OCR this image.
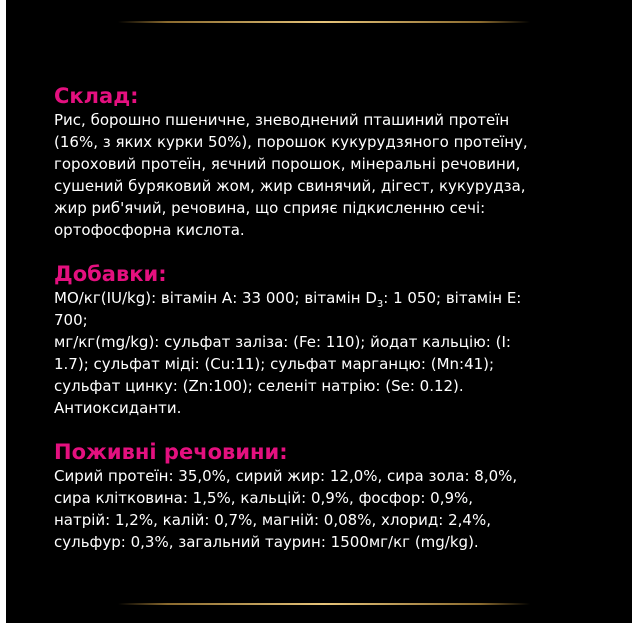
Склад:

Рис, борошно пшеничне, зневоднений пташиний протеїн

(16%, з яких курки 50%), порошок кукурудзяного протеїну,

гороховий протеїн, яєчний порошок, мінеральні речовини,

сушений буряковий жом, жир свинячий, дігест, кукурудза,

жир риб'ячий, речовина, що сприяє підкисленню сечі:

ортофосфорна кислота.

Добавки:

МО/кг(IU/kg): вітамін А: 33 000; вітамін $D_3$: 1 050; вітамін Е:

700;

мг/кг(mg/kg): сульфат заліза: (Fe: 110); йодат кальцію: (I:

1.7); сульфат міді: (Cu:11); сульфат марганцю: (Mn:41);

сульфат цинку: (Zn:100); селеніт натрію: (Se: 0.12).

Антиоксиданти.

Поживні речовини:

Сирий протеїн: 35,0%, сирий жир: 12,0%, сира зола: 8,0%,

сира клітковина: 1,5%, кальцій: 0,9%, фосфор: 0,9%,

натрій: 1,2%, калій: 0,7%, магній: 0,08%, хлорид: 2,4%,

сульфур: 0,3%, загальний таурин: 1500мг/кг (mg/kg).
